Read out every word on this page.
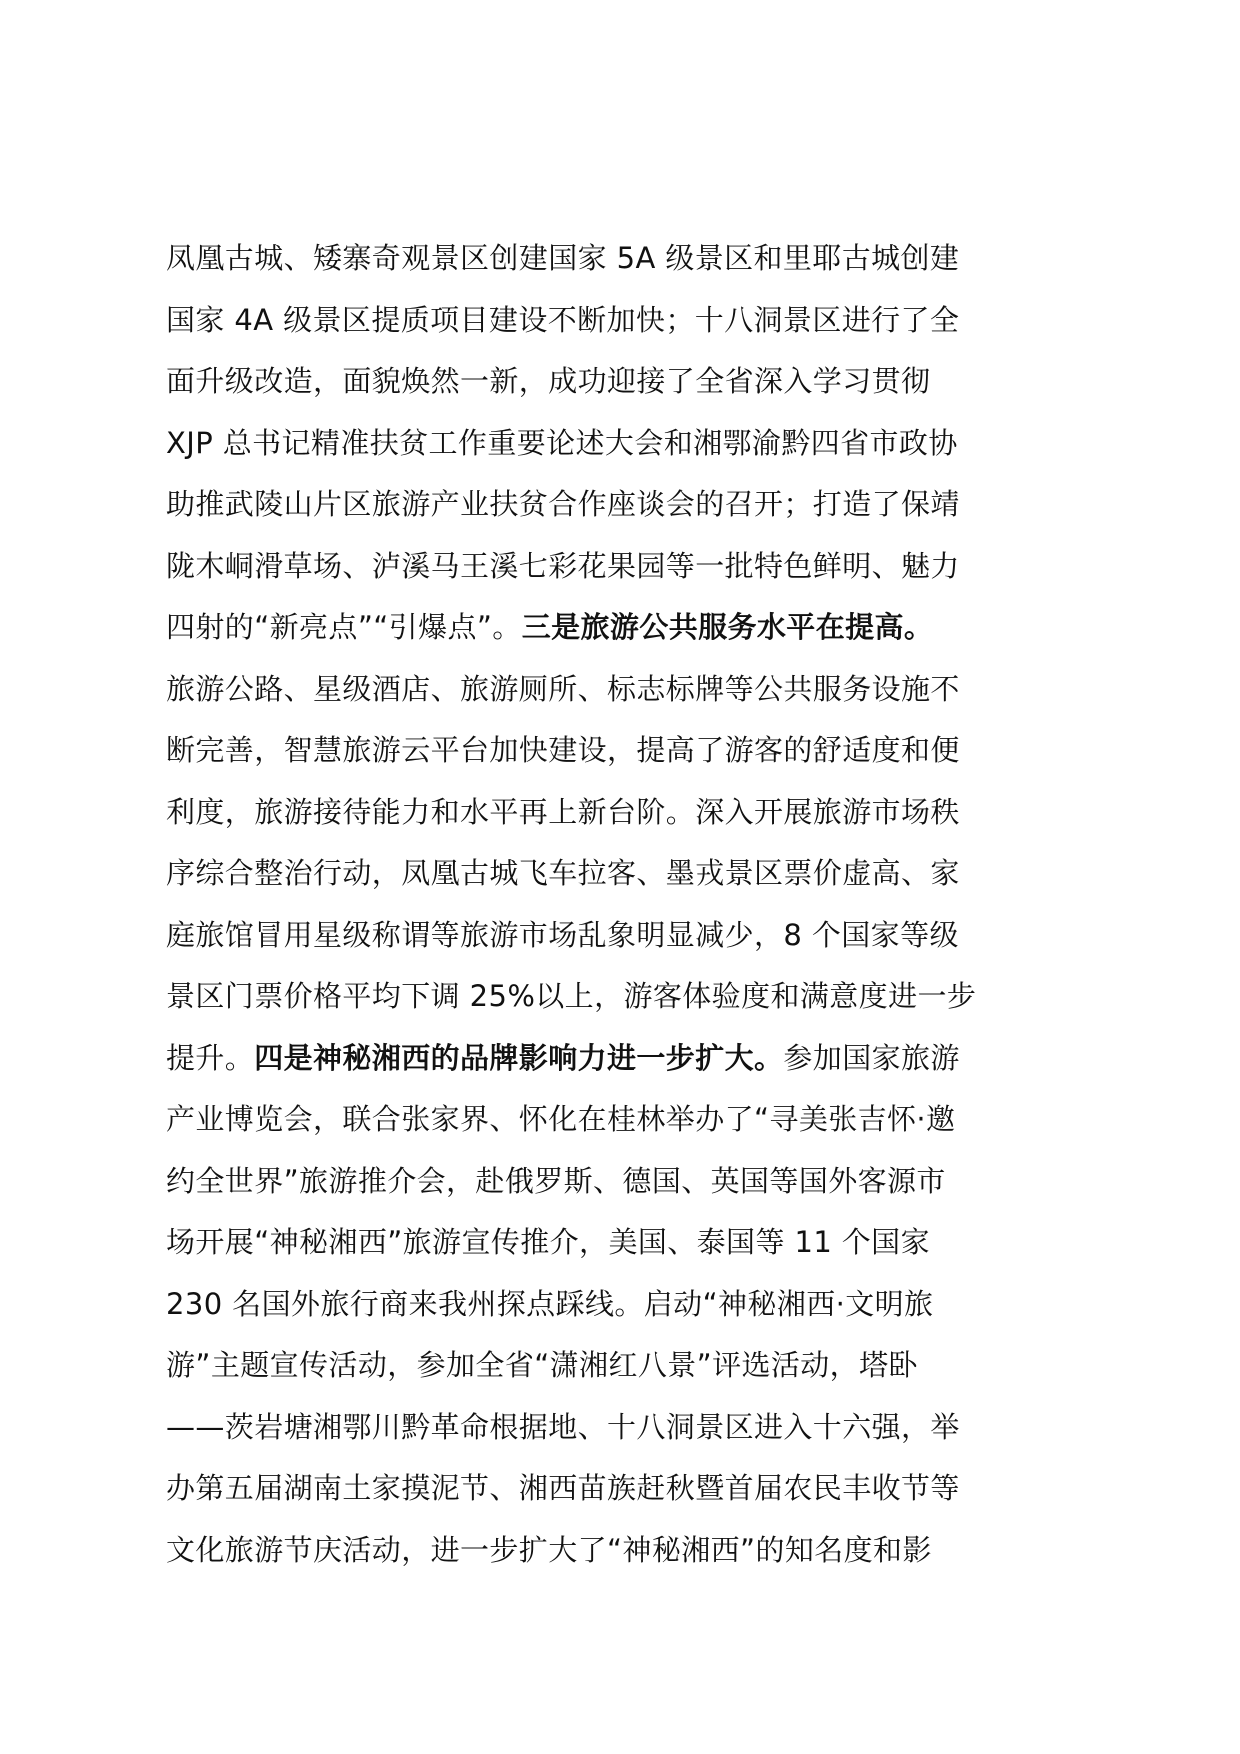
凤凰古城、矮寨奇观景区创建国家 5A 级景区和里耶古城创建
国家 4A 级景区提质项目建设不断加快；十八洞景区进行了全
面升级改造，面貌焕然一新，成功迎接了全省深入学习贯彻
XJP 总书记精准扶贫工作重要论述大会和湘鄂渝黔四省市政协
助推武陵山片区旅游产业扶贫合作座谈会的召开；打造了保靖
陇木峒滑草场、泸溪马王溪七彩花果园等一批特色鲜明、魅力
四射的“新亮点”“引爆点”。三是旅游公共服务水平在提高。
旅游公路、星级酒店、旅游厕所、标志标牌等公共服务设施不
断完善，智慧旅游云平台加快建设，提高了游客的舒适度和便
利度，旅游接待能力和水平再上新台阶。深入开展旅游市场秩
序综合整治行动，凤凰古城飞车拉客、墨戎景区票价虚高、家
庭旅馆冒用星级称谓等旅游市场乱象明显减少，8 个国家等级
景区门票价格平均下调 25%以上，游客体验度和满意度进一步
提升。四是神秘湘西的品牌影响力进一步扩大。参加国家旅游
产业博览会，联合张家界、怀化在桂林举办了“寻美张吉怀·邀
约全世界”旅游推介会，赴俄罗斯、德国、英国等国外客源市
场开展“神秘湘西”旅游宣传推介，美国、泰国等 11 个国家
230 名国外旅行商来我州探点踩线。启动“神秘湘西·文明旅
游”主题宣传活动，参加全省“潇湘红八景”评选活动，塔卧
——茨岩塘湘鄂川黔革命根据地、十八洞景区进入十六强，举
办第五届湖南土家摸泥节、湘西苗族赶秋暨首届农民丰收节等
文化旅游节庆活动，进一步扩大了“神秘湘西”的知名度和影
